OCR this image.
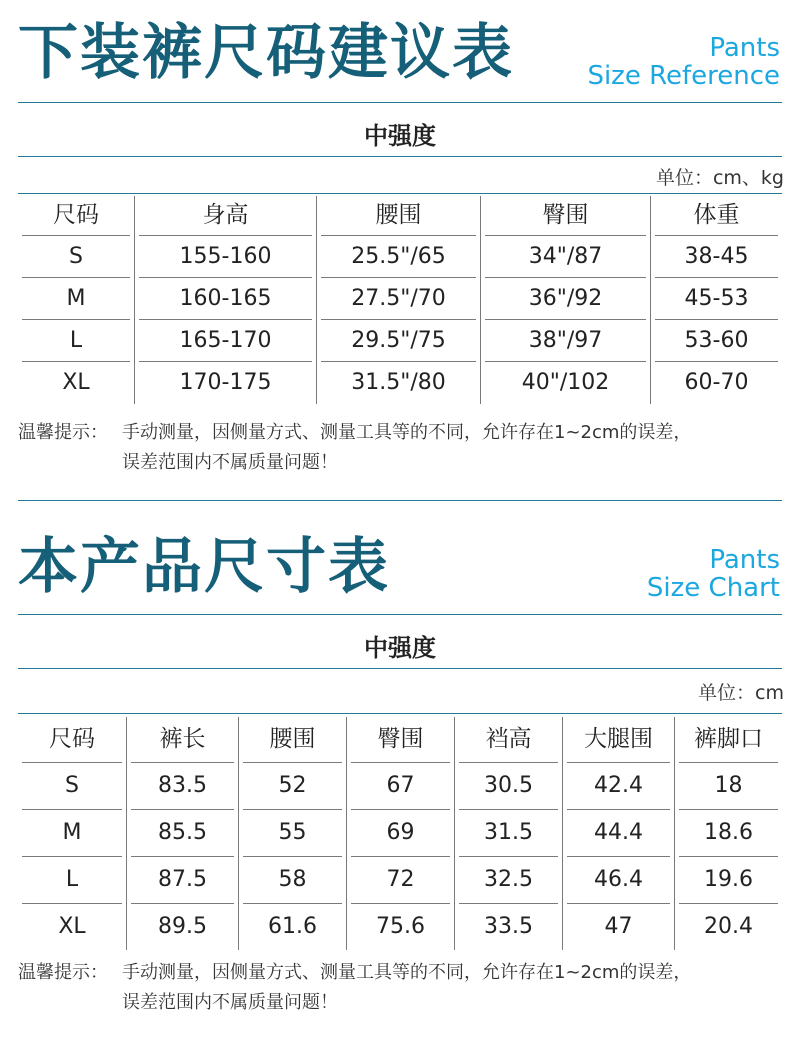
下装裤尺码建议表	Pants
Size Reference
中强度
单位：cm、kg
尺码	身高	腰围	臀围	体重

S	155-160	25.5"/65	34"/87	38-45

M	160-165	27.5"/70	36"/92	45-53

L	165-170	29.5"/75	38"/97	53-60

XL	170-175	31.5"/80	40"/102	60-70
温馨提示： 手动测量，因侧量方式、测量工具等的不同，允许存在1~2cm的误差，
误差范围内不属质量问题！
本产品尺寸表	Pants
Size Chart
中强度
单位：cm
尺码	裤长	腰围	臀围	裆高	大腿围	裤脚口

S	83.5	52	67	30.5	42.4	18

M	85.5	55	69	31.5	44.4	18.6

L	87.5	58	72	32.5	46.4	19.6

XL	89.5	61.6	75.6	33.5	47	20.4
温馨提示： 手动测量，因侧量方式、测量工具等的不同，允许存在1~2cm的误差，
误差范围内不属质量问题！
